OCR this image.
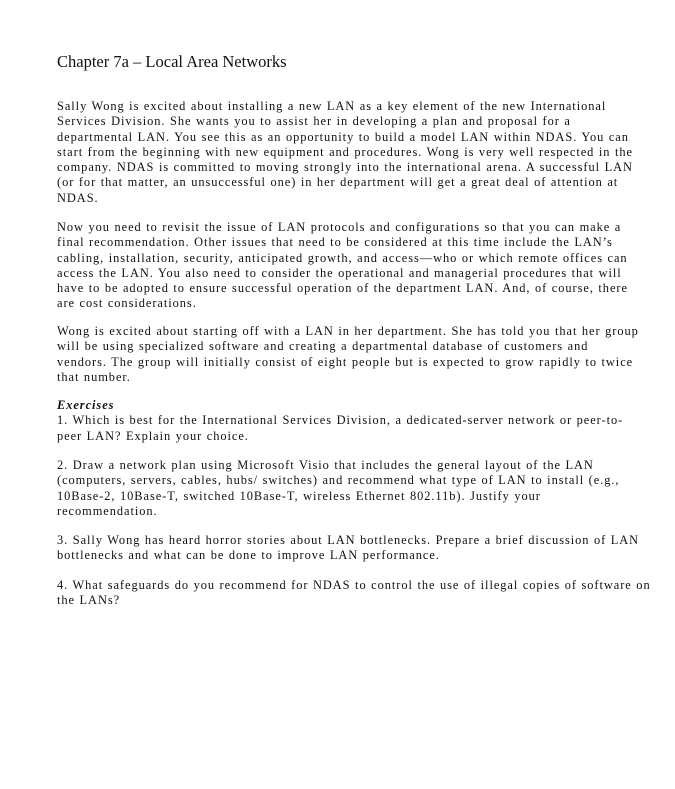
Chapter 7a – Local Area Networks
Sally Wong is excited about installing a new LAN as a key element of the new International
Services Division. She wants you to assist her in developing a plan and proposal for a
departmental LAN. You see this as an opportunity to build a model LAN within NDAS. You can
start from the beginning with new equipment and procedures. Wong is very well respected in the
company. NDAS is committed to moving strongly into the international arena. A successful LAN
(or for that matter, an unsuccessful one) in her department will get a great deal of attention at
NDAS.
Now you need to revisit the issue of LAN protocols and configurations so that you can make a
final recommendation. Other issues that need to be considered at this time include the LAN’s
cabling, installation, security, anticipated growth, and access—who or which remote offices can
access the LAN. You also need to consider the operational and managerial procedures that will
have to be adopted to ensure successful operation of the department LAN. And, of course, there
are cost considerations.
Wong is excited about starting off with a LAN in her department. She has told you that her group
will be using specialized software and creating a departmental database of customers and
vendors. The group will initially consist of eight people but is expected to grow rapidly to twice
that number.
Exercises
1. Which is best for the International Services Division, a dedicated-server network or peer-to-
peer LAN? Explain your choice.
2. Draw a network plan using Microsoft Visio that includes the general layout of the LAN
(computers, servers, cables, hubs/ switches) and recommend what type of LAN to install (e.g.,
10Base-2, 10Base-T, switched 10Base-T, wireless Ethernet 802.11b). Justify your
recommendation.
3. Sally Wong has heard horror stories about LAN bottlenecks. Prepare a brief discussion of LAN
bottlenecks and what can be done to improve LAN performance.
4. What safeguards do you recommend for NDAS to control the use of illegal copies of software on
the LANs?
